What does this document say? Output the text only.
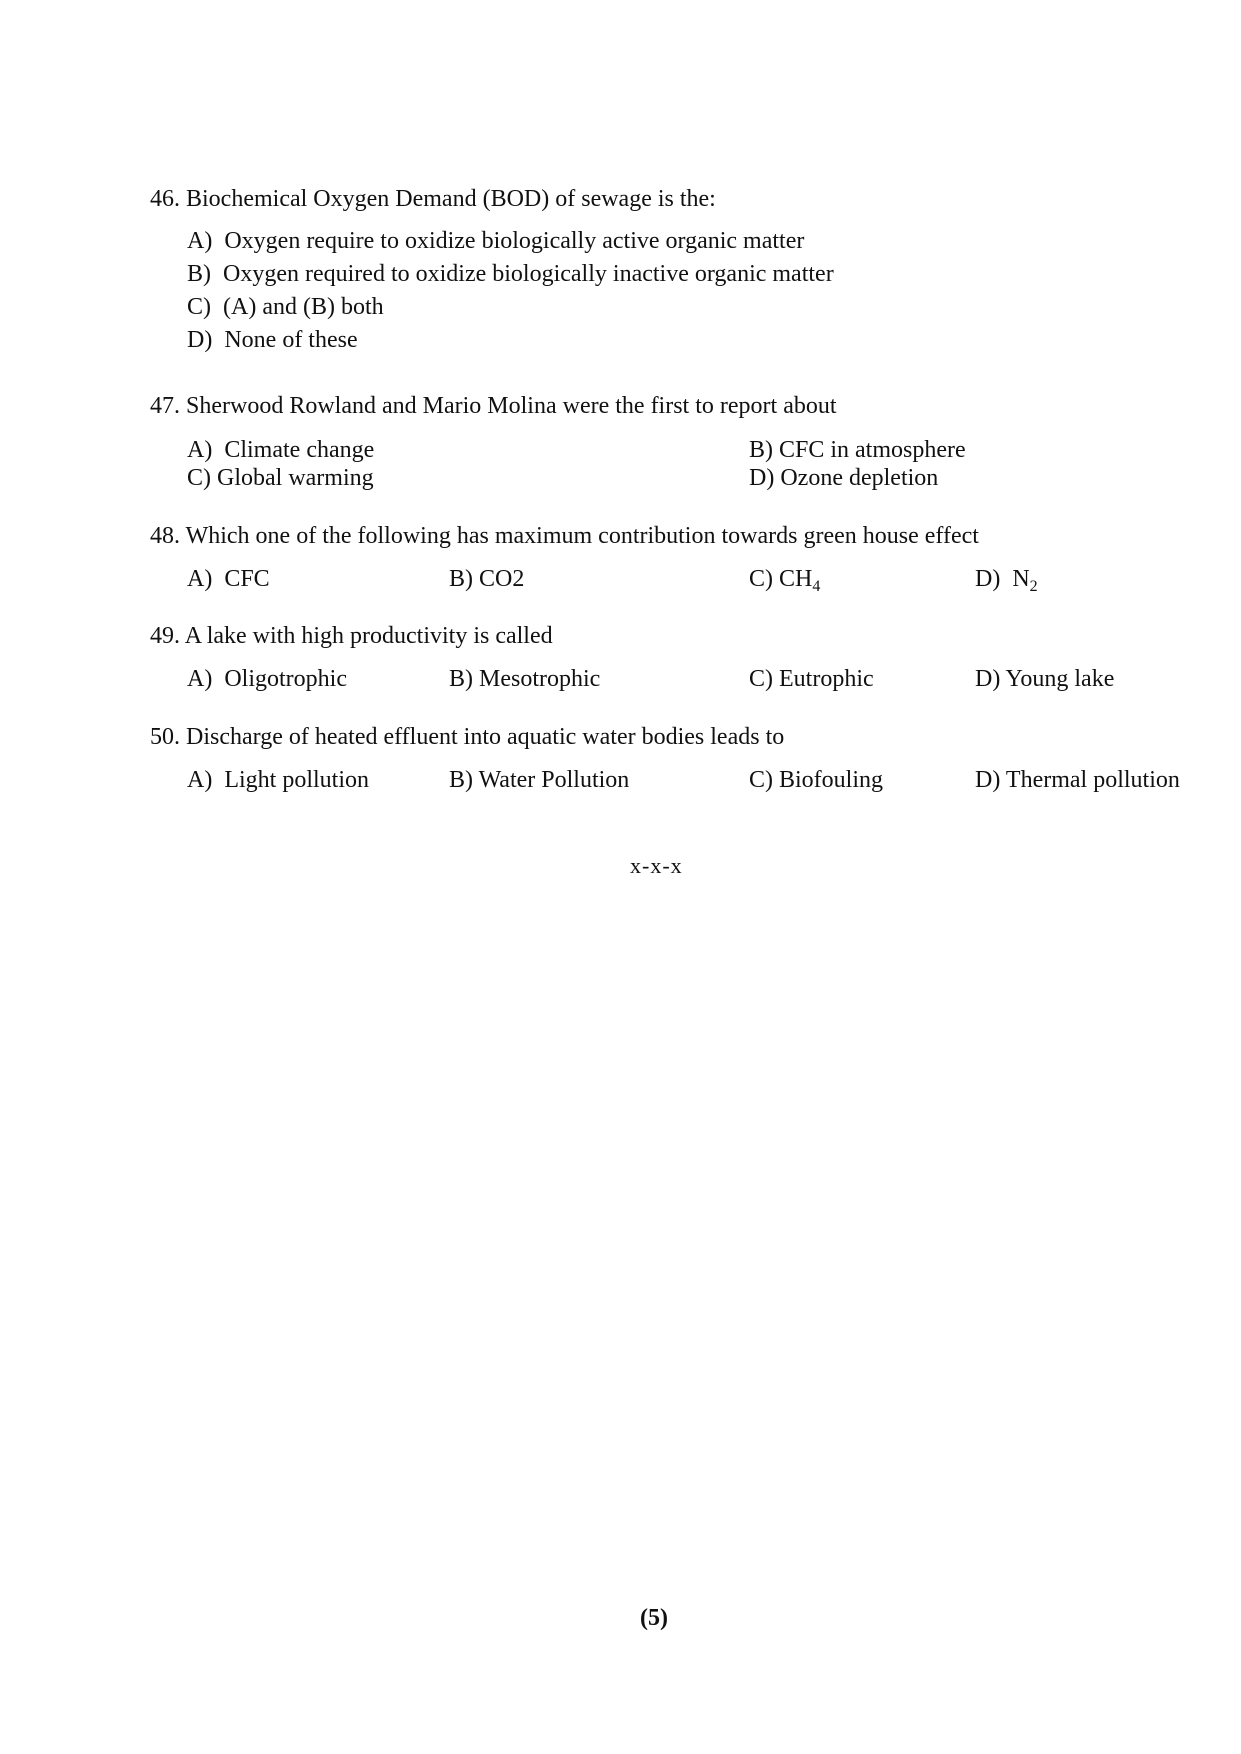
46. Biochemical Oxygen Demand (BOD) of sewage is the:
A) Oxygen require to oxidize biologically active organic matter
B) Oxygen required to oxidize biologically inactive organic matter
C) (A) and (B) both
D) None of these
47. Sherwood Rowland and Mario Molina were the first to report about
A) Climate change	B) CFC in atmosphere
C) Global warming	D) Ozone depletion
48. Which one of the following has maximum contribution towards green house effect
A) CFC	B) CO2	C) $CH_4$	D) $N_2$
49. A lake with high productivity is called
A) Oligotrophic	B) Mesotrophic	C) Eutrophic	D) Young lake
50. Discharge of heated effluent into aquatic water bodies leads to
A) Light pollution	B) Water Pollution	C) Biofouling	D) Thermal pollution
x-x-x
(5)
